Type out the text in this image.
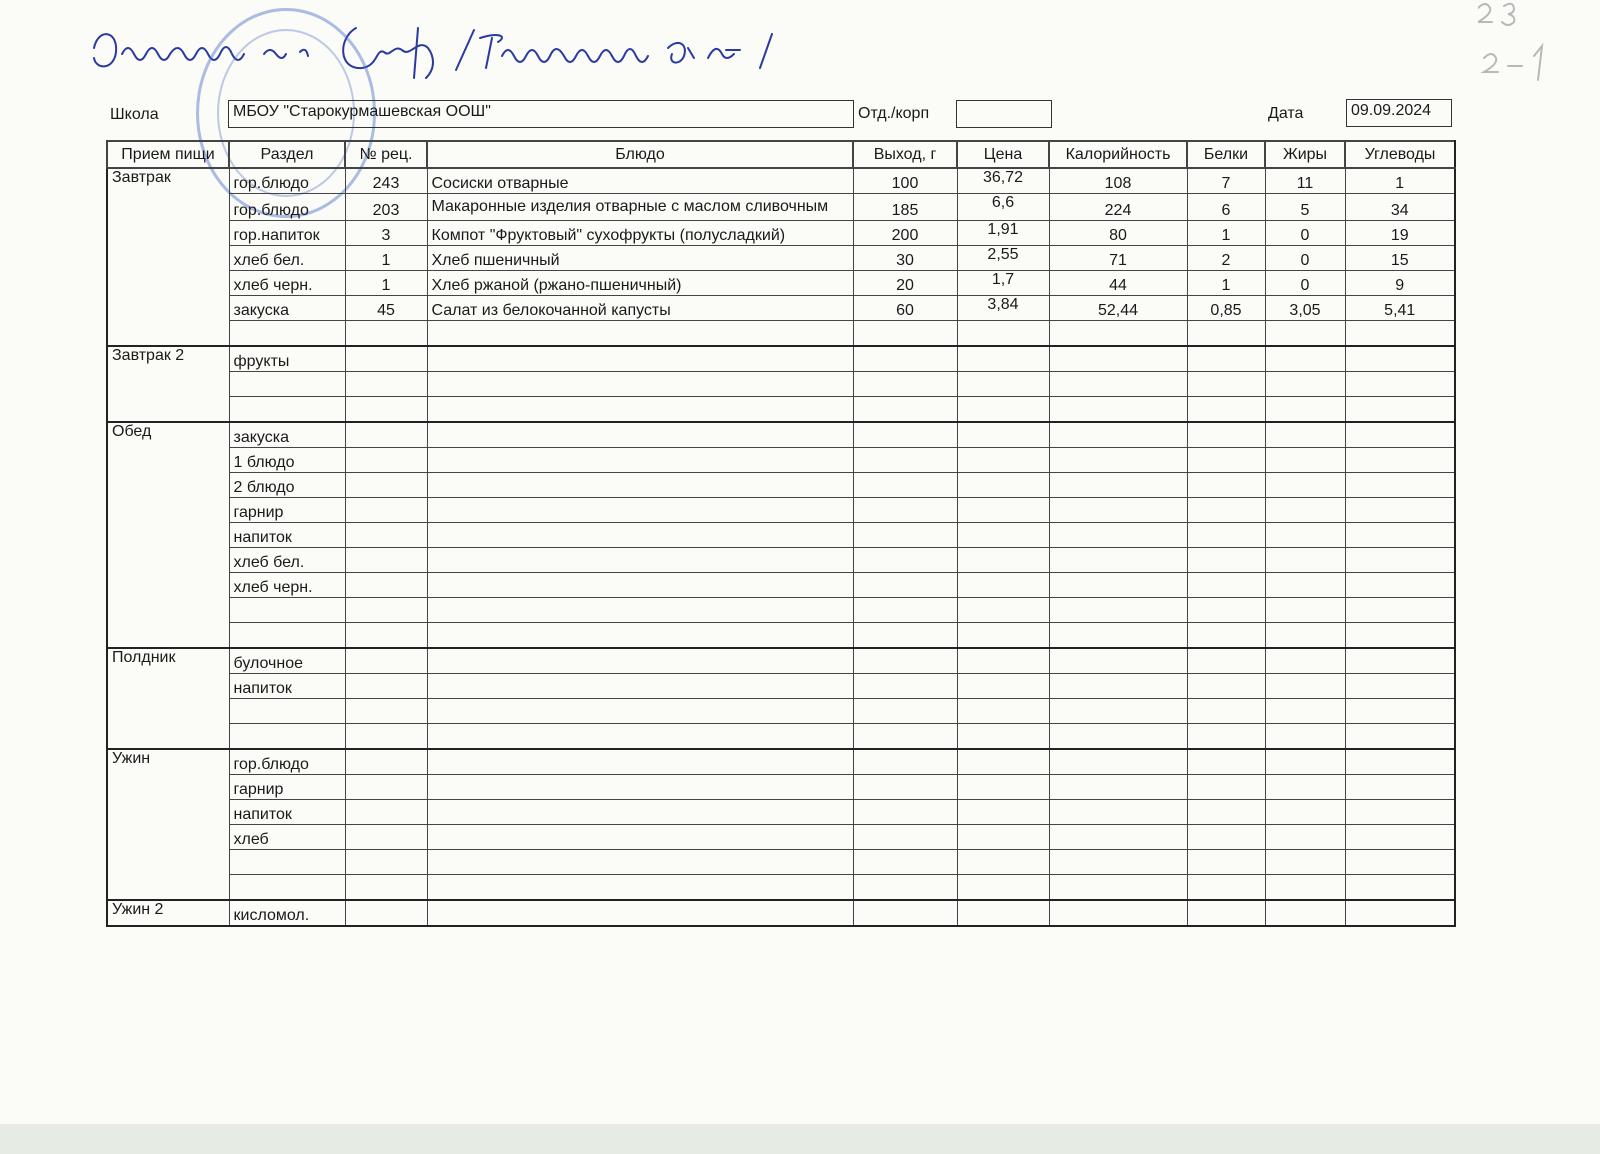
Школа	МБОУ "Старокурмашевская ООШ"	Отд./корп	Дата	09.09.2024
Прием пищи	Раздел	№ рец.	Блюдо	Выход, г	Цена	Калорийность	Белки	Жиры	Углеводы
Завтрак	гор.блюдо	243	Сосиски отварные	100	36,72	108	7	11	1
	гор.блюдо	203	Макаронные изделия отварные с маслом сливочным	185	6,6	224	6	5	34
	гор.напиток	3	Компот "Фруктовый" сухофрукты (полусладкий)	200	1,91	80	1	0	19
	хлеб бел.	1	Хлеб пшеничный	30	2,55	71	2	0	15
	хлеб черн.	1	Хлеб ржаной (ржано-пшеничный)	20	1,7	44	1	0	9
	закуска	45	Салат из белокочанной капусты	60	3,84	52,44	0,85	3,05	5,41

Завтрак 2	фрукты								

Обед	закуска								
	1 блюдо								
	2 блюдо								
	гарнир								
	напиток								
	хлеб бел.								
	хлеб черн.								

Полдник	булочное								
	напиток								

Ужин	гор.блюдо								
	гарнир								
	напиток								
	хлеб								

Ужин 2	кисломол.								
